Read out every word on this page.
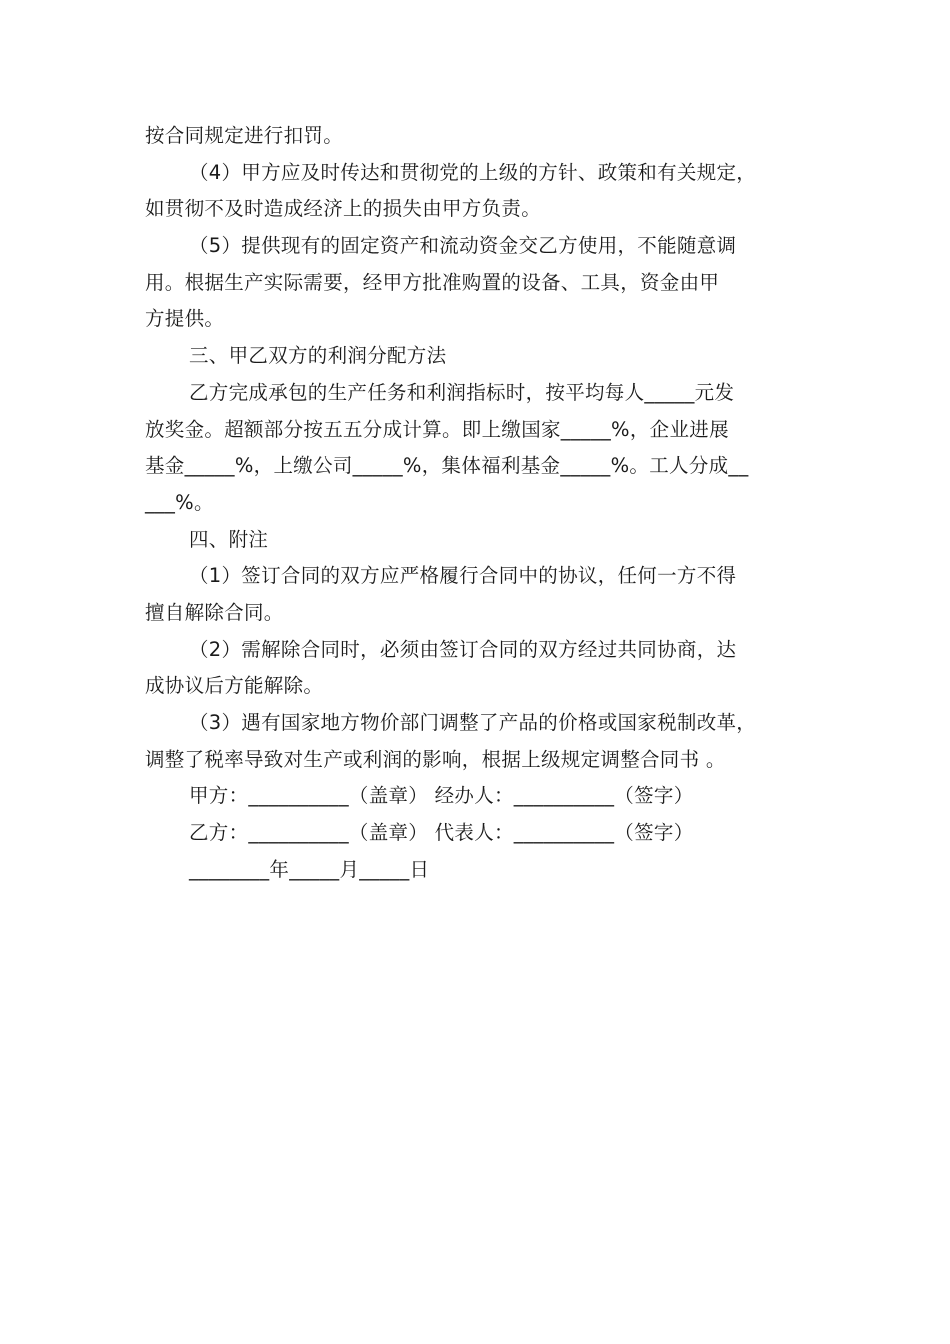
按合同规定进行扣罚。
（4）甲方应及时传达和贯彻党的上级的方针、政策和有关规定，
如贯彻不及时造成经济上的损失由甲方负责。
（5）提供现有的固定资产和流动资金交乙方使用，不能随意调
用。根据生产实际需要，经甲方批准购置的设备、工具，资金由甲
方提供。
三、甲乙双方的利润分配方法
乙方完成承包的生产任务和利润指标时，按平均每人_____元发
放奖金。超额部分按五五分成计算。即上缴国家_____%，企业进展
基金_____%，上缴公司_____%，集体福利基金_____%。工人分成__
___%。
四、附注
（1）签订合同的双方应严格履行合同中的协议，任何一方不得
擅自解除合同。
（2）需解除合同时，必须由签订合同的双方经过共同协商，达
成协议后方能解除。
（3）遇有国家地方物价部门调整了产品的价格或国家税制改革，
调整了税率导致对生产或利润的影响，根据上级规定调整合同书 。
甲方：__________（盖章） 经办人：__________（签字）
乙方：__________（盖章） 代表人：__________（签字）
________年_____月_____日
